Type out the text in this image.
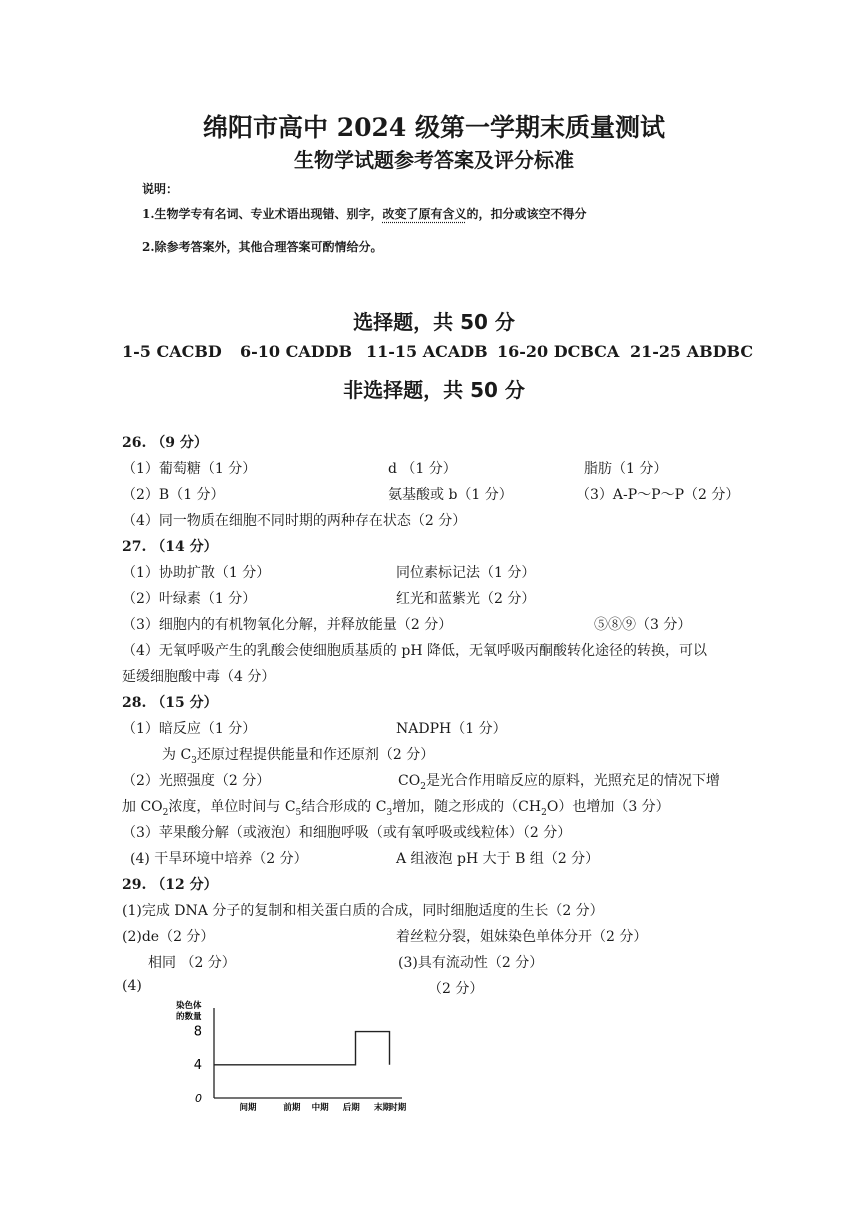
绵阳市高中 2024 级第一学期末质量测试
生物学试题参考答案及评分标准
说明：
1.生物学专有名词、专业术语出现错、别字，改变了原有含义的，扣分或该空不得分
2.除参考答案外，其他合理答案可酌情给分。
选择题，共 50 分
1-5 CACBD 6-10 CADDB 11-15 ACADB 16-20 DCBCA 21-25 ABDBC
非选择题，共 50 分
26. （9 分）
（1）葡萄糖（1 分）	d （1 分）	脂肪（1 分）
（2）B（1 分）	氨基酸或 b（1 分）	（3）A-P～P～P（2 分）
（4）同一物质在细胞不同时期的两种存在状态（2 分）
27. （14 分）
（1）协助扩散（1 分）	同位素标记法（1 分）
（2）叶绿素（1 分）	红光和蓝紫光（2 分）
（3）细胞内的有机物氧化分解，并释放能量（2 分）	⑤⑧⑨（3 分）
（4）无氧呼吸产生的乳酸会使细胞质基质的 pH 降低，无氧呼吸丙酮酸转化途径的转换，可以
延缓细胞酸中毒（4 分）
28. （15 分）
（1）暗反应（1 分）	NADPH（1 分）
为 $C_3$还原过程提供能量和作还原剂（2 分）
（2）光照强度（2 分）	$CO_2$是光合作用暗反应的原料，光照充足的情况下增
加 $CO_2$浓度，单位时间与 $C_5$结合形成的 $C_3$增加，随之形成的$(CH_2O)$也增加（3 分）
（3）苹果酸分解（或液泡）和细胞呼吸（或有氧呼吸或线粒体）（2 分）
(4) 干旱环境中培养（2 分）	A 组液泡 pH 大于 B 组（2 分）
29. （12 分）
(1)完成 DNA 分子的复制和相关蛋白质的合成，同时细胞适度的生长（2 分）
(2)de（2 分）	着丝粒分裂，姐妹染色单体分开（2 分）
相同 （2 分）	(3)具有流动性（2 分）
(4)	（2 分）
染色体
的数量
0
4
8
间期	前期 中期 后期 末期
时期
